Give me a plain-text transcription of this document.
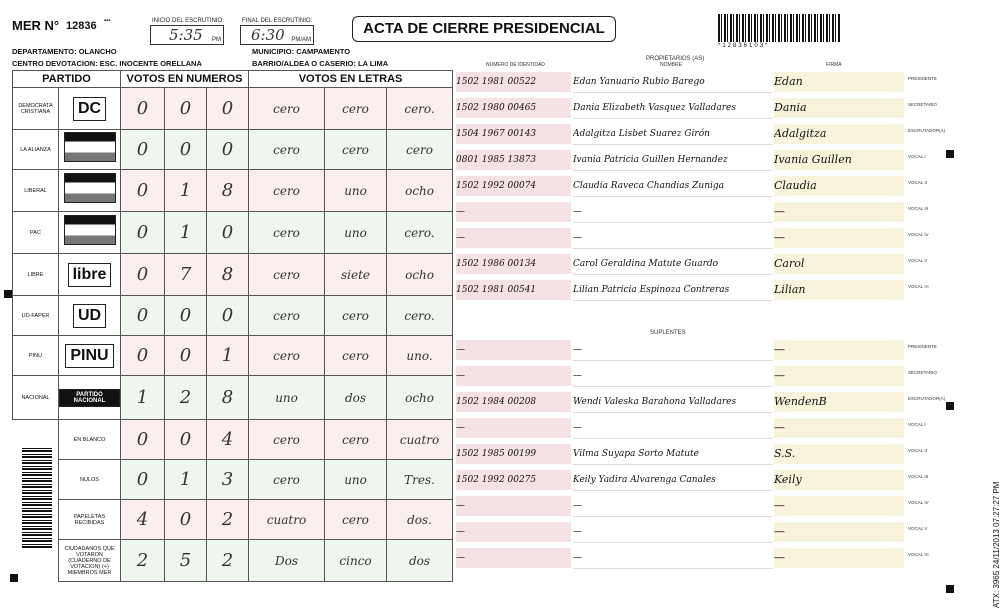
MER N° 12836 ▪▪▪	INICIO DEL ESCRUTINIO:
5:35 PM
FINAL DEL ESCRUTINIO:
6:30 PM/AM
ACTA DE CIERRE PRESIDENCIAL
*12836103*
DEPARTAMENTO: OLANCHO	MUNICIPIO: CAMPAMENTO
CENTRO DEVOTACION: ESC. INOCENTE ORELLANA	BARRIO/ALDEA O CASERIO: LA LIMA
PARTIDO		VOTOS EN NUMEROS			VOTOS EN LETRAS		
DEMOCRATA CRISTIANA	DC	0	0	0	cero	cero	cero.
LA ALIANZA		0	0	0	cero	cero	cero
LIBERAL		0	1	8	cero	uno	ocho
PAC		0	1	0	cero	uno	cero.
LIBRE	libre	0	7	8	cero	siete	ocho
UD-FAPER	UD	0	0	0	cero	cero	cero.
PINU	PINU	0	0	1	cero	cero	uno.
NACIONAL	PARTIDO NACIONAL	1	2	8	uno	dos	ocho
	EN BLANCO	0	0	4	cero	cero	cuatro
	NULOS	0	1	3	cero	uno	Tres.
	PAPELETAS RECIBIDAS	4	0	2	cuatro	cero	dos.
	CIUDADANOS QUE VOTARON (CUADERNO DE VOTACION) (+) MIEMBROS MER	2	5	2	Dos	cinco	dos
NUMERO DE IDENTIDAD
PROPIETARIOS (AS)
NOMBRE	FIRMA
1502 1981 00522	Edan Yanuario Rubio Barego	Edan	PRESIDENTE
1502 1980 00465	Dania Elizabeth Vasquez Valladares	Dania	SECRETARIO
1504 1967 00143	Adalgitza Lisbet Suarez Girón	Adalgitza	ESCRUTADOR(A)
0801 1985 13873	Ivania Patricia Guillen Hernandez	Ivania Guillen	VOCAL I
1502 1992 00074	Claudia Raveca Chandias Zuniga	Claudia	VOCAL II
—	—	—	VOCAL III
—	—	—	VOCAL IV
1502 1986 00134	Carol Geraldina Matute Guardo	Carol	VOCAL V
1502 1981 00541	Lilian Patricia Espinoza Contreras	Lilian	VOCAL VI
SUPLENTES
—	—	—	PRESIDENTE
—	—	—	SECRETARIO
1502 1984 00208	Wendi Valeska Barahona Valladares	WendenB	ESCRUTADOR(A)
—	—	—	VOCAL I
1502 1985 00199	Vilma Suyapa Sorto Matute	S.S.	VOCAL II
1502 1992 00275	Keily Yadira Alvarenga Canales	Keily	VOCAL III
—	—	—	VOCAL IV
—	—	—	VOCAL V
—	—	—	VOCAL VI	ATX: 3965 24/11/2013 07:27:27 PM
